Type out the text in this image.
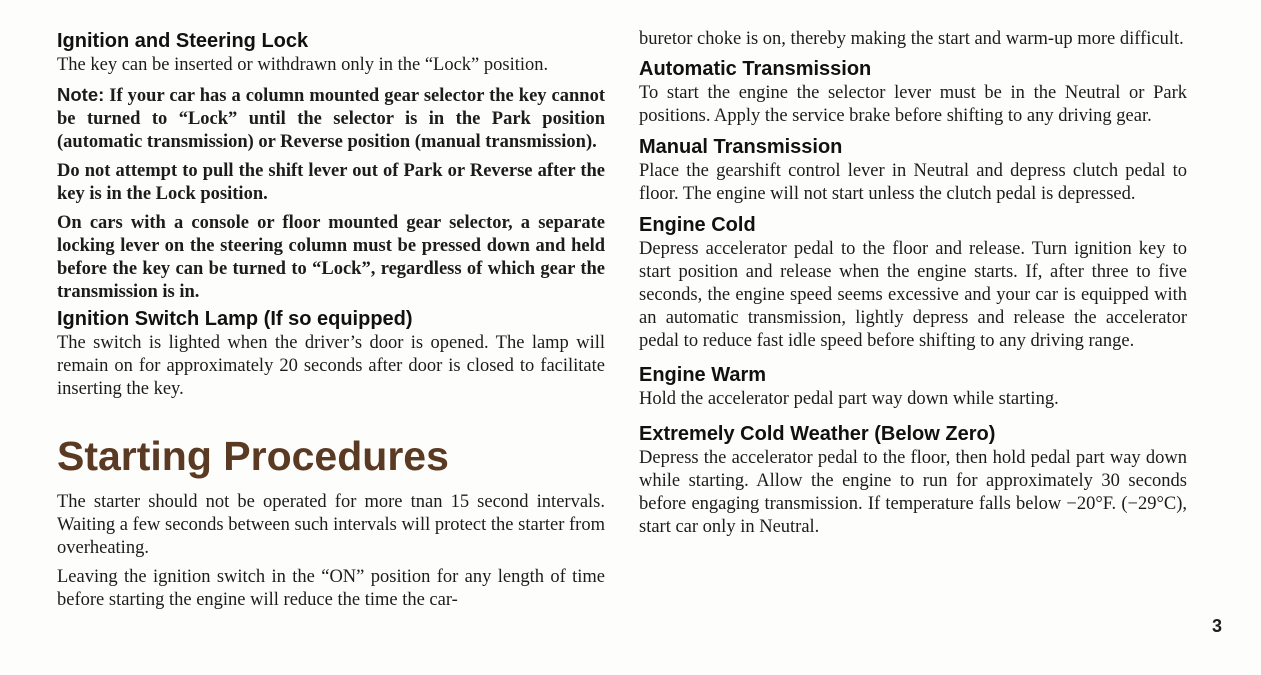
Ignition and Steering Lock

The key can be inserted or withdrawn only in the “Lock” position.

Note: If your car has a column mounted gear selector the key cannot be turned to “Lock” until the selector is in the Park position (automatic transmission) or Reverse position (manual transmission).

Do not attempt to pull the shift lever out of Park or Reverse after the key is in the Lock position.

On cars with a console or floor mounted gear selector, a separate locking lever on the steering column must be pressed down and held before the key can be turned to “Lock”, regardless of which gear the transmission is in.

Ignition Switch Lamp (If so equipped)

The switch is lighted when the driver’s door is opened. The lamp will remain on for approximately 20 seconds after door is closed to facilitate inserting the key.

Starting Procedures

The starter should not be operated for more tnan 15 second intervals. Waiting a few seconds between such intervals will protect the starter from overheating.

Leaving the ignition switch in the “ON” position for any length of time before starting the engine will reduce the time the car-

buretor choke is on, thereby making the start and warm-up more difficult.

Automatic Transmission

To start the engine the selector lever must be in the Neutral or Park positions. Apply the service brake before shifting to any driving gear.

Manual Transmission

Place the gearshift control lever in Neutral and depress clutch pedal to floor. The engine will not start unless the clutch pedal is depressed.

Engine Cold

Depress accelerator pedal to the floor and release. Turn ignition key to start position and release when the engine starts. If, after three to five seconds, the engine speed seems excessive and your car is equipped with an automatic transmission, lightly depress and release the accelerator pedal to reduce fast idle speed before shifting to any driving range.

Engine Warm

Hold the accelerator pedal part way down while starting.

Extremely Cold Weather (Below Zero)

Depress the accelerator pedal to the floor, then hold pedal part way down while starting. Allow the engine to run for approximately 30 seconds before engaging transmission. If temperature falls below −20°F. (−29°C), start car only in Neutral.

3
